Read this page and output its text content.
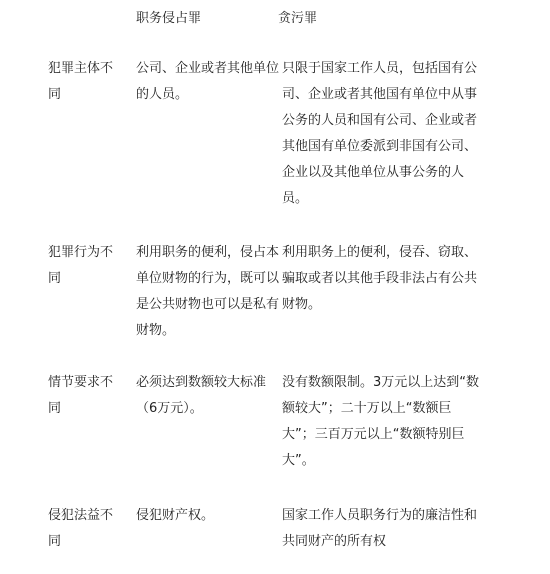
职务侵占罪	贪污罪
犯罪主体不同
公司、企业或者其他单位的人员。
只限于国家工作人员，包括国有公司、企业或者其他国有单位中从事公务的人员和国有公司、企业或者其他国有单位委派到非国有公司、企业以及其他单位从事公务的人员。
犯罪行为不同
利用职务的便利，侵占本单位财物的行为，既可以是公共财物也可以是私有财物。
利用职务上的便利，侵吞、窃取、骗取或者以其他手段非法占有公共财物。
情节要求不同
必须达到数额较大标准（6万元）。
没有数额限制。3万元以上达到“数额较大”；二十万以上“数额巨大”；三百万元以上“数额特别巨大”。
侵犯法益不同
侵犯财产权。	国家工作人员职务行为的廉洁性和共同财产的所有权
